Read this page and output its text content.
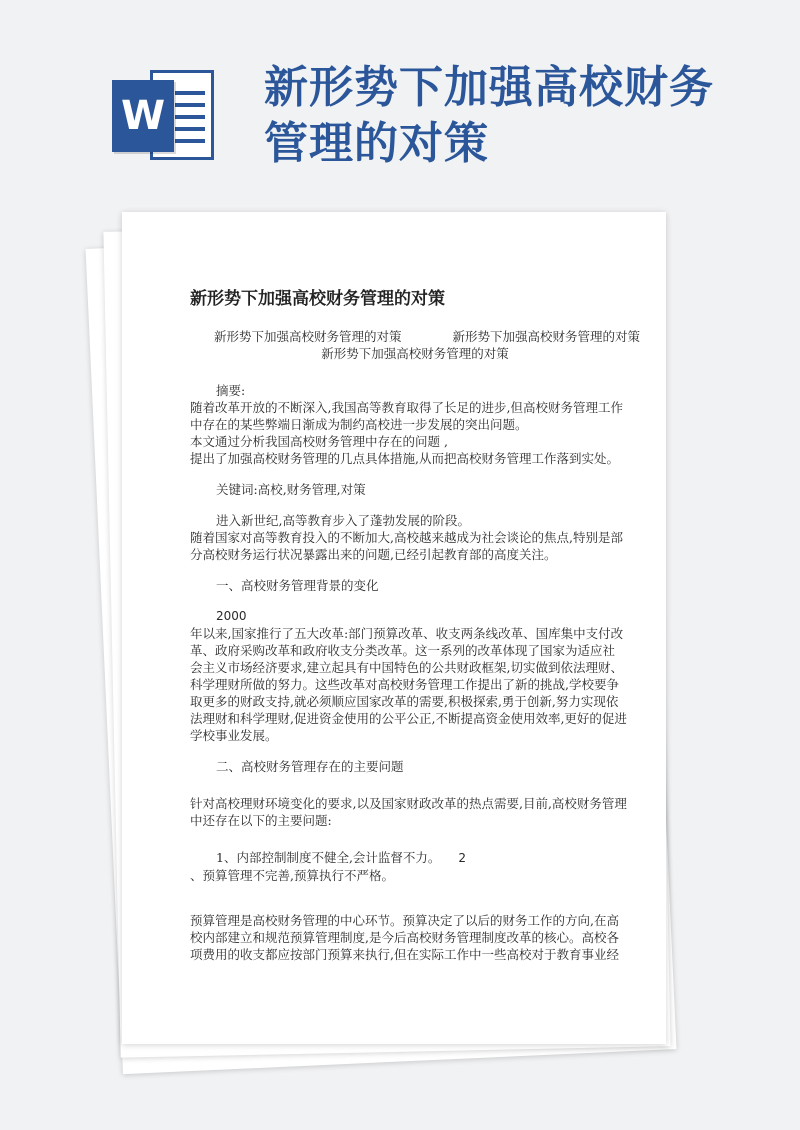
W
新形势下加强高校财务管理的对策
新形势下加强高校财务管理的对策
新形势下加强高校财务管理的对策	新形势下加强高校财务管理的对策
新形势下加强高校财务管理的对策

摘要:

随着改革开放的不断深入,我国高等教育取得了长足的进步,但高校财务管理工作

中存在的某些弊端日渐成为制约高校进一步发展的突出问题。

本文通过分析我国高校财务管理中存在的问题 ,

提出了加强高校财务管理的几点具体措施,从而把高校财务管理工作落到实处。

关键词:高校,财务管理,对策

进入新世纪,高等教育步入了蓬勃发展的阶段。

随着国家对高等教育投入的不断加大,高校越来越成为社会谈论的焦点,特别是部

分高校财务运行状况暴露出来的问题,已经引起教育部的高度关注。

一、高校财务管理背景的变化

2000

年以来,国家推行了五大改革:部门预算改革、收支两条线改革、国库集中支付改

革、政府采购改革和政府收支分类改革。这一系列的改革体现了国家为适应社

会主义市场经济要求,建立起具有中国特色的公共财政框架,切实做到依法理财、

科学理财所做的努力。这些改革对高校财务管理工作提出了新的挑战,学校要争

取更多的财政支持,就必须顺应国家改革的需要,积极探索,勇于创新,努力实现依

法理财和科学理财,促进资金使用的公平公正,不断提高资金使用效率,更好的促进

学校事业发展。

二、高校财务管理存在的主要问题

针对高校理财环境变化的要求,以及国家财政改革的热点需要,目前,高校财务管理

中还存在以下的主要问题:

1、内部控制制度不健全,会计监督不力。 2

、预算管理不完善,预算执行不严格。

预算管理是高校财务管理的中心环节。预算决定了以后的财务工作的方向,在高

校内部建立和规范预算管理制度,是今后高校财务管理制度改革的核心。高校各

项费用的收支都应按部门预算来执行,但在实际工作中一些高校对于教育事业经
